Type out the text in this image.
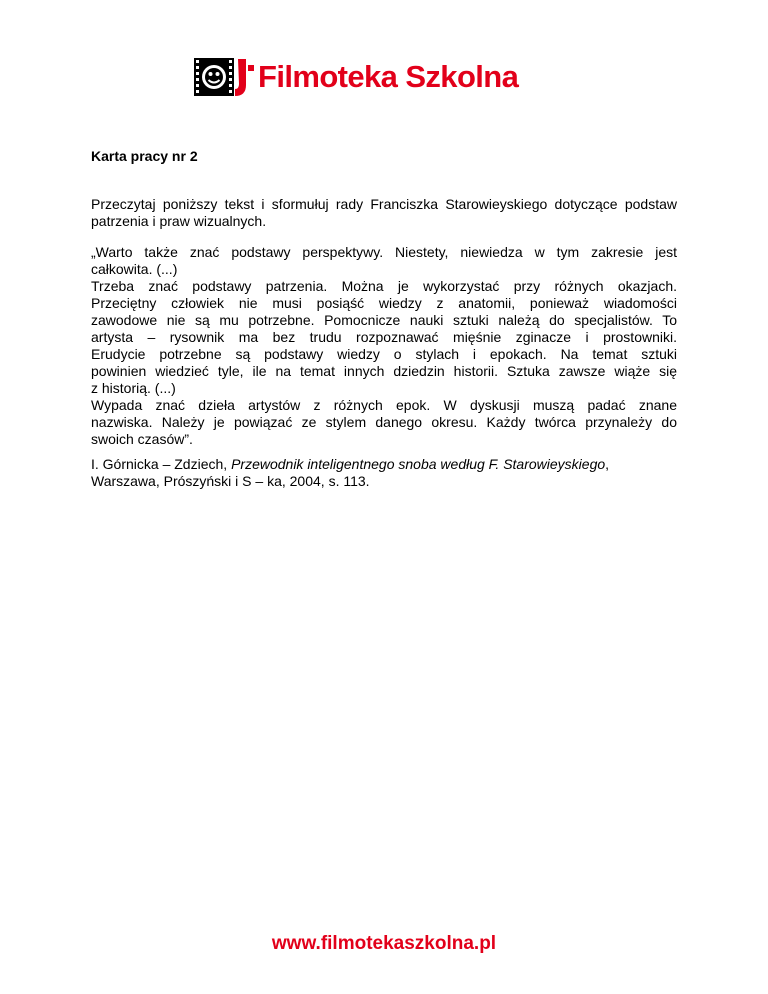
Filmoteka Szkolna
Karta pracy nr 2

Przeczytaj poniższy tekst i sformułuj rady Franciszka Starowieyskiego dotyczące podstaw patrzenia i praw wizualnych.

„Warto także znać podstawy perspektywy. Niestety, niewiedza w tym zakresie jest
całkowita. (...)
Trzeba znać podstawy patrzenia. Można je wykorzystać przy różnych okazjach.
Przeciętny człowiek nie musi posiąść wiedzy z anatomii, ponieważ wiadomości
zawodowe nie są mu potrzebne. Pomocnicze nauki sztuki należą do specjalistów. To
artysta – rysownik ma bez trudu rozpoznawać mięśnie zginacze i prostowniki.
Erudycie potrzebne są podstawy wiedzy o stylach i epokach. Na temat sztuki
powinien wiedzieć tyle, ile na temat innych dziedzin historii. Sztuka zawsze wiąże się
z historią. (...)
Wypada znać dzieła artystów z różnych epok. W dyskusji muszą padać znane
nazwiska. Należy je powiązać ze stylem danego okresu. Każdy twórca przynależy do
swoich czasów”.

I. Górnicka – Zdziech, Przewodnik inteligentnego snoba według F. Starowieyskiego, Warszawa, Prószyński i S – ka, 2004, s. 113.

www.filmotekaszkolna.pl
